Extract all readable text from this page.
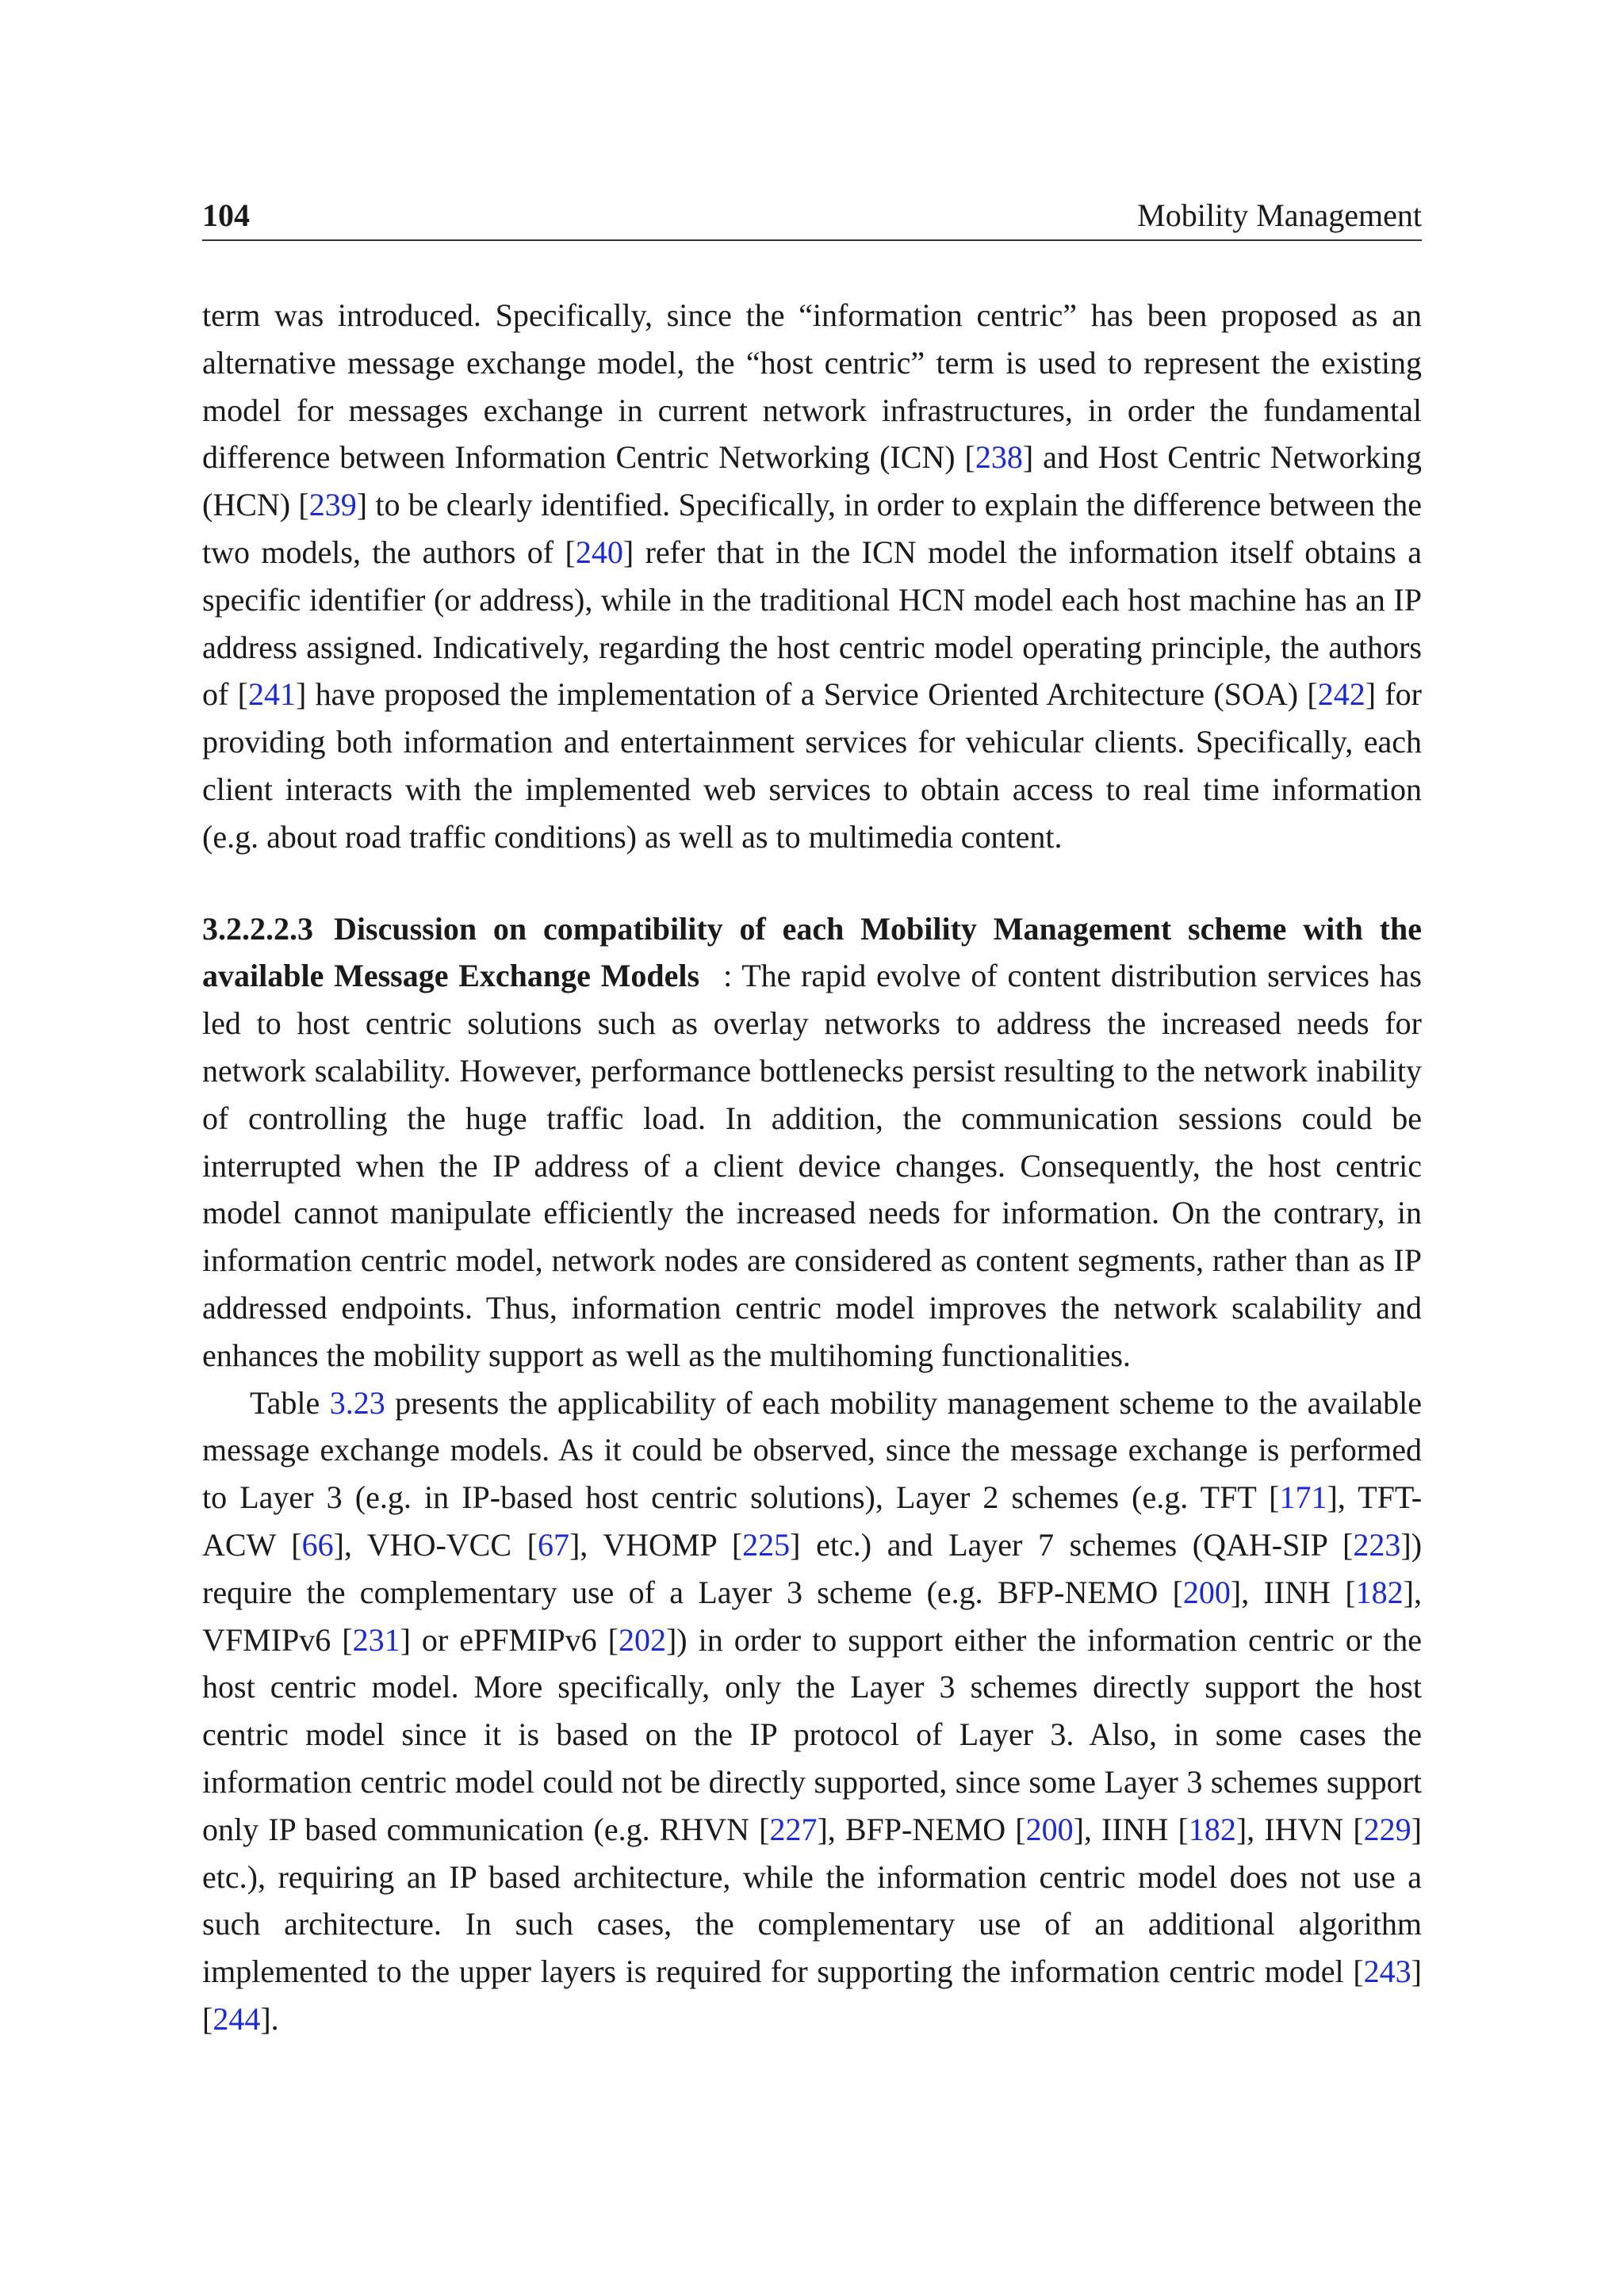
104	Mobility Management

term was introduced. Specifically, since the “information centric” has been proposed as an alternative message exchange model, the “host centric” term is used to represent the existing model for messages exchange in current network infrastructures, in order the fundamental difference between Information Centric Networking (ICN) [238] and Host Centric Networking (HCN) [239] to be clearly identified. Specifically, in order to explain the difference between the two models, the authors of [240] refer that in the ICN model the information itself obtains a specific identifier (or address), while in the traditional HCN model each host machine has an IP address assigned. Indicatively, regarding the host centric model operating principle, the authors of [241] have proposed the implementation of a Service Oriented Architecture (SOA) [242] for providing both information and entertainment services for vehicular clients. Specifically, each client interacts with the implemented web services to obtain access to real time information (e.g. about road traffic conditions) as well as to multimedia content.

3.2.2.2.3 Discussion on compatibility of each Mobility Management scheme with the available Message Exchange Models : The rapid evolve of content distribution services has led to host centric solutions such as overlay networks to address the increased needs for network scalability. However, performance bottlenecks persist resulting to the network inability of controlling the huge traffic load. In addition, the communication sessions could be interrupted when the IP address of a client device changes. Consequently, the host centric model cannot manipulate efficiently the increased needs for information. On the contrary, in information centric model, network nodes are considered as content segments, rather than as IP addressed endpoints. Thus, information centric model improves the network scalability and enhances the mobility support as well as the multihoming functionalities.

Table 3.23 presents the applicability of each mobility management scheme to the available message exchange models. As it could be observed, since the message exchange is performed to Layer 3 (e.g. in IP-based host centric solutions), Layer 2 schemes (e.g. TFT [171], TFT-ACW [66], VHO-VCC [67], VHOMP [225] etc.) and Layer 7 schemes (QAH-SIP [223]) require the complementary use of a Layer 3 scheme (e.g. BFP-NEMO [200], IINH [182], VFMIPv6 [231] or ePFMIPv6 [202]) in order to support either the information centric or the host centric model. More specifically, only the Layer 3 schemes directly support the host centric model since it is based on the IP protocol of Layer 3. Also, in some cases the information centric model could not be directly supported, since some Layer 3 schemes support only IP based communication (e.g. RHVN [227], BFP-NEMO [200], IINH [182], IHVN [229] etc.), requiring an IP based architecture, while the information centric model does not use a such architecture. In such cases, the complementary use of an additional algorithm implemented to the upper layers is required for supporting the information centric model [243][244].
